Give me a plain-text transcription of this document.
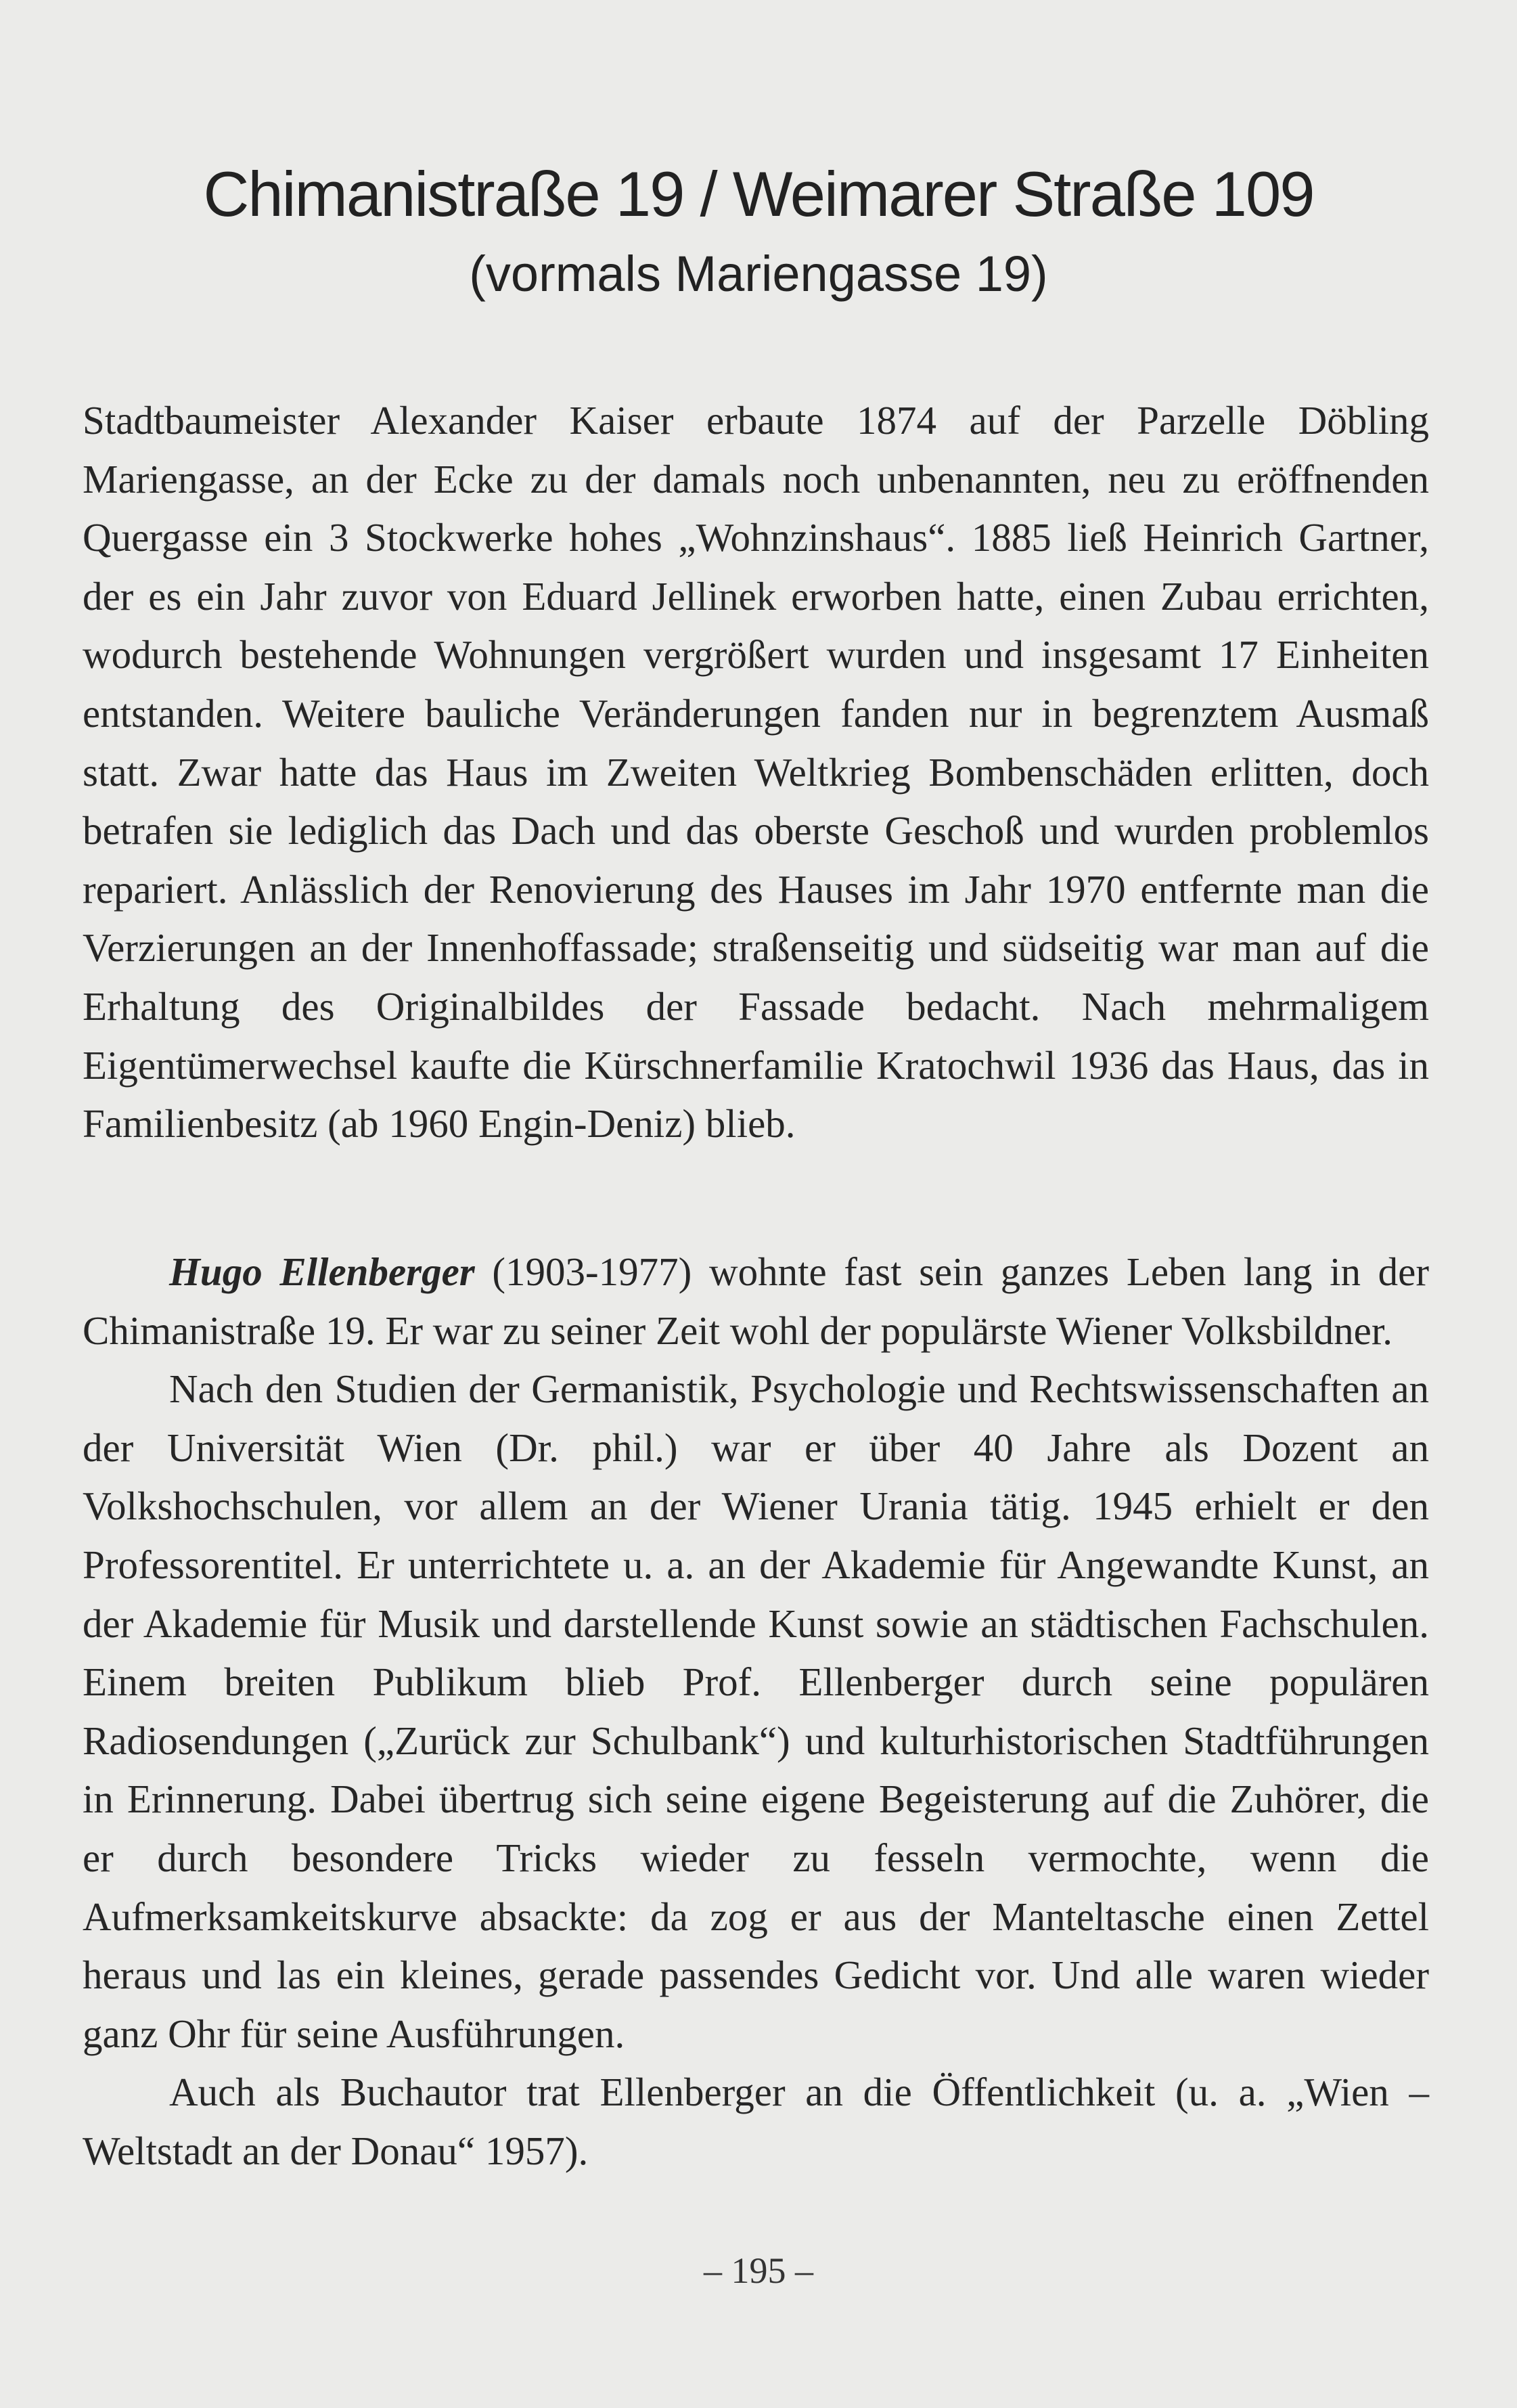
Chimanistraße 19 / Weimarer Straße 109
(vormals Mariengasse 19)

Stadtbaumeister Alexander Kaiser erbaute 1874 auf der Parzelle Döbling Mariengasse, an der Ecke zu der damals noch unbenannten, neu zu eröffnenden Quergasse ein 3 Stockwerke hohes „Wohnzinshaus“. 1885 ließ Heinrich Gartner, der es ein Jahr zuvor von Eduard Jellinek erworben hatte, einen Zubau errichten, wodurch bestehende Wohnungen vergrößert wurden und insgesamt 17 Einheiten entstanden. Weitere bauliche Veränderungen fanden nur in begrenztem Ausmaß statt. Zwar hatte das Haus im Zweiten Weltkrieg Bombenschäden erlitten, doch betrafen sie lediglich das Dach und das oberste Geschoß und wurden problemlos repariert. Anlässlich der Renovierung des Hauses im Jahr 1970 entfernte man die Verzierungen an der Innenhoffassade; straßenseitig und südseitig war man auf die Erhaltung des Originalbildes der Fassade bedacht. Nach mehrmaligem Eigentümerwechsel kaufte die Kürschnerfamilie Kratochwil 1936 das Haus, das in Familienbesitz (ab 1960 Engin-Deniz) blieb.

Hugo Ellenberger (1903-1977) wohnte fast sein ganzes Leben lang in der Chimanistraße 19. Er war zu seiner Zeit wohl der populärste Wiener Volksbildner.

Nach den Studien der Germanistik, Psychologie und Rechtswissenschaften an der Universität Wien (Dr. phil.) war er über 40 Jahre als Dozent an Volkshochschulen, vor allem an der Wiener Urania tätig. 1945 erhielt er den Professorentitel. Er unterrichtete u. a. an der Akademie für Angewandte Kunst, an der Akademie für Musik und darstellende Kunst sowie an städtischen Fachschulen. Einem breiten Publikum blieb Prof. Ellenberger durch seine populären Radiosendungen („Zurück zur Schulbank“) und kulturhistorischen Stadtführungen in Erinnerung. Dabei übertrug sich seine eigene Begeisterung auf die Zuhörer, die er durch besondere Tricks wieder zu fesseln vermochte, wenn die Aufmerksamkeitskurve absackte: da zog er aus der Manteltasche einen Zettel heraus und las ein kleines, gerade passendes Gedicht vor. Und alle waren wieder ganz Ohr für seine Ausführungen.

Auch als Buchautor trat Ellenberger an die Öffentlichkeit (u. a. „Wien – Weltstadt an der Donau“ 1957).

– 195 –
